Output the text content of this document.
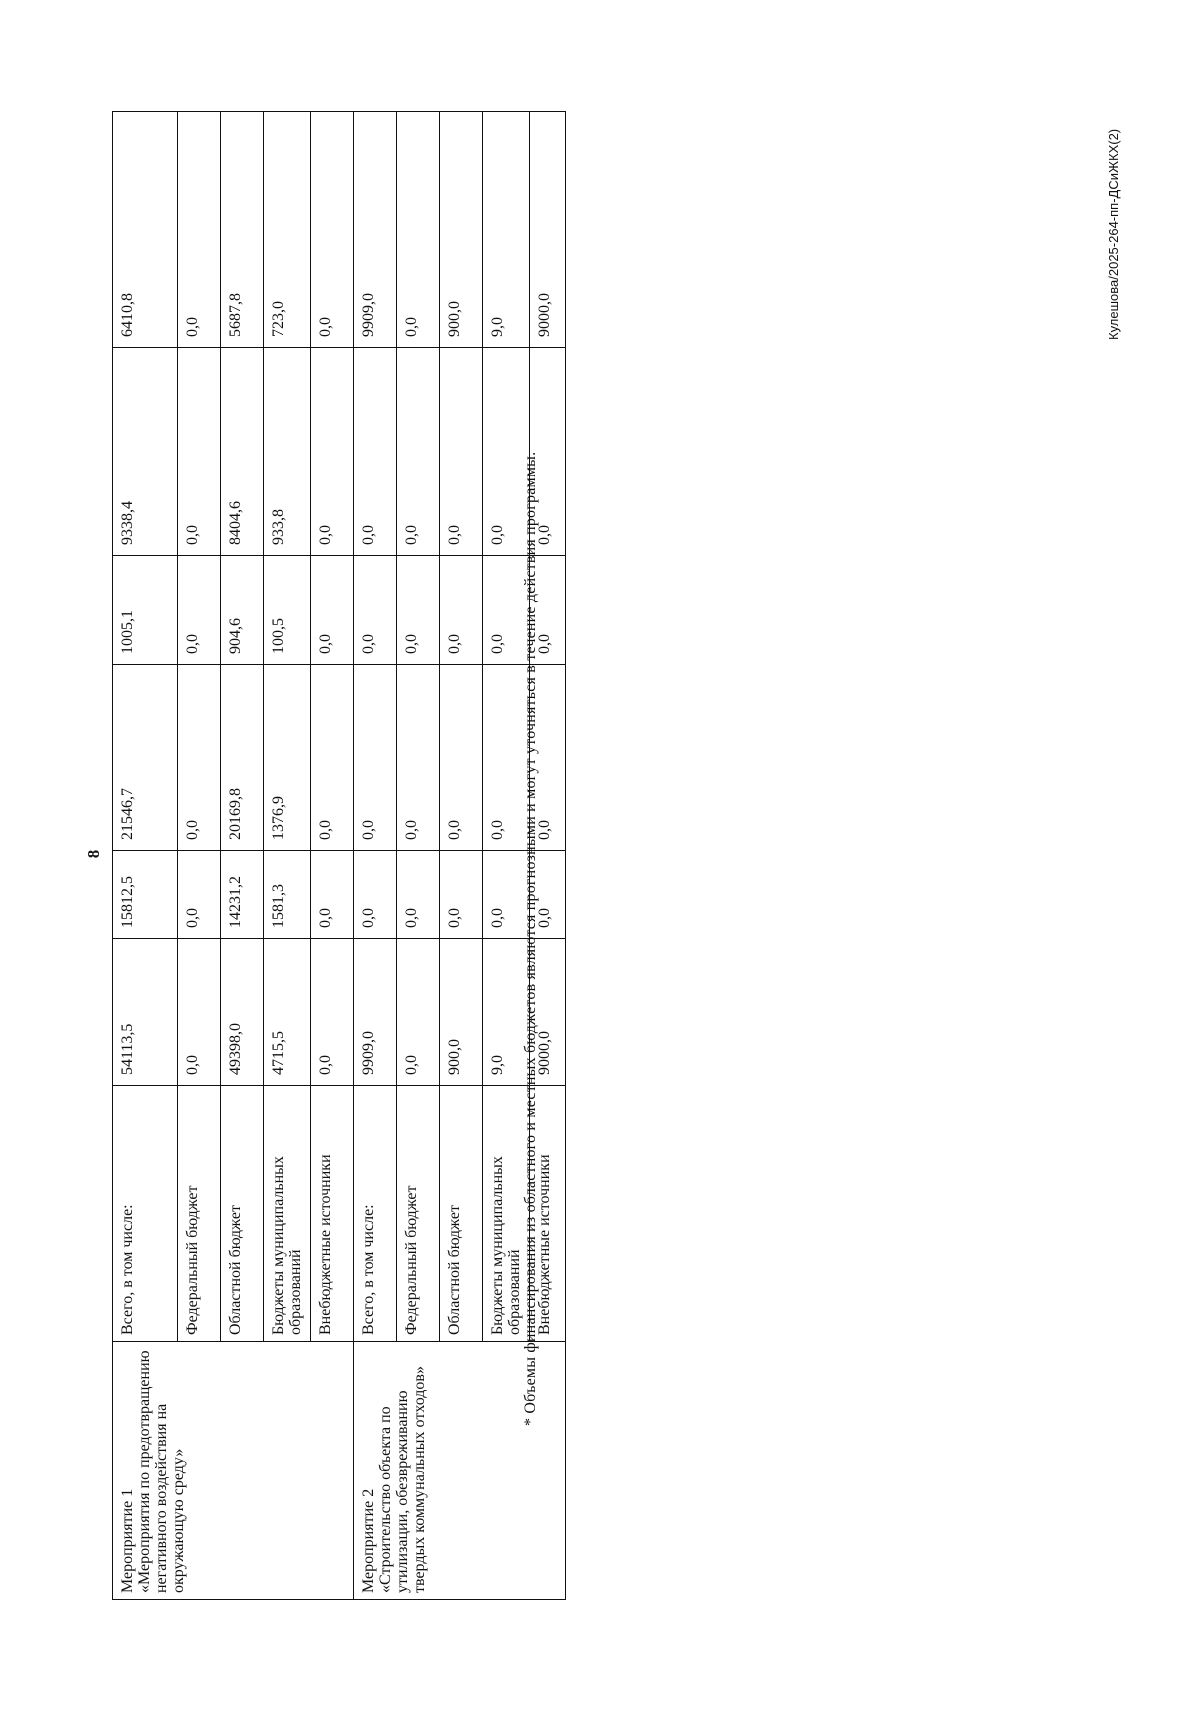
8
Мероприятие 1
«Мероприятия по предотвращению негативного воздействия на окружающую среду»	Всего, в том числе:	54113,5	15812,5	21546,7	1005,1	9338,4	6410,8
	Федеральный бюджет	0,0	0,0	0,0	0,0	0,0	0,0
	Областной бюджет	49398,0	14231,2	20169,8	904,6	8404,6	5687,8
	Бюджеты муниципальных образований	4715,5	1581,3	1376,9	100,5	933,8	723,0
	Внебюджетные источники	0,0	0,0	0,0	0,0	0,0	0,0
Мероприятие 2
«Строительство объекта по утилизации, обезвреживанию твердых коммунальных отходов»	Всего, в том числе:	9909,0	0,0	0,0	0,0	0,0	9909,0
	Федеральный бюджет	0,0	0,0	0,0	0,0	0,0	0,0
	Областной бюджет	900,0	0,0	0,0	0,0	0,0	900,0
	Бюджеты муниципальных образований	9,0	0,0	0,0	0,0	0,0	9,0
	Внебюджетные источники	9000,0	0,0	0,0	0,0	0,0	9000,0
* Объемы финансирования из областного и местных бюджетов являются прогнозными и могут уточняться в течение действия программы.
Кулешова/2025-264-пп-ДСиЖКХ(2)
